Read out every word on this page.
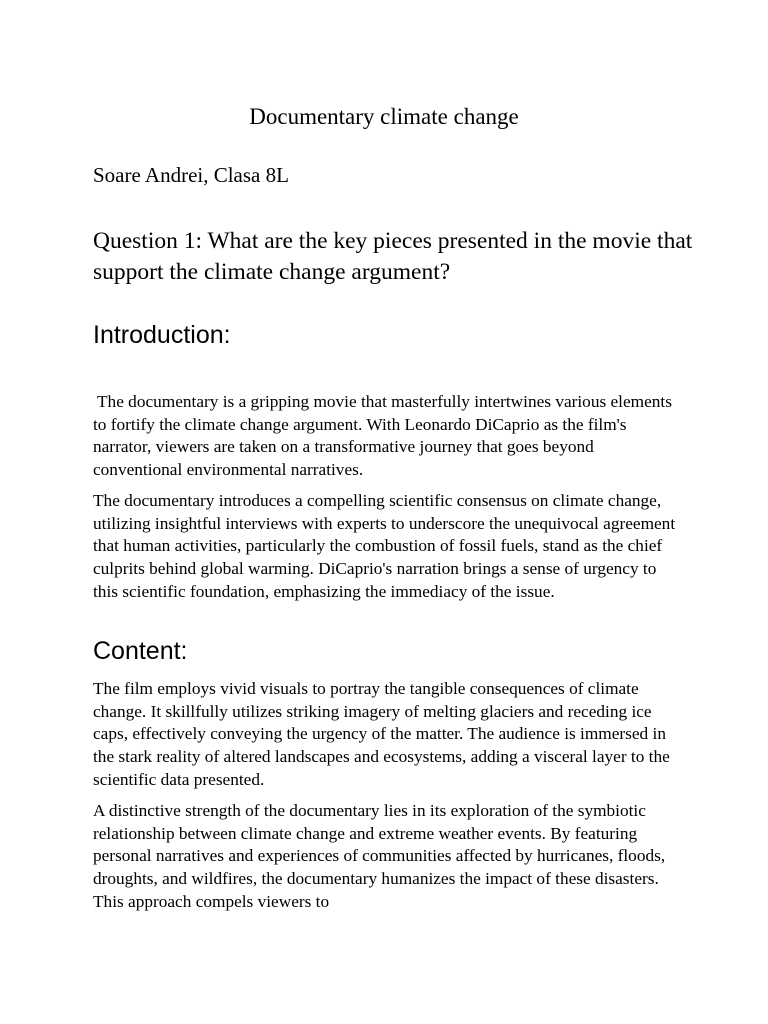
Documentary climate change

Soare Andrei, Clasa 8L

Question 1: What are the key pieces presented in the movie that support the climate change argument?

Introduction:

The documentary is a gripping movie that masterfully intertwines various elements to fortify the climate change argument. With Leonardo DiCaprio as the film's narrator, viewers are taken on a transformative journey that goes beyond conventional environmental narratives.

The documentary introduces a compelling scientific consensus on climate change, utilizing insightful interviews with experts to underscore the unequivocal agreement that human activities, particularly the combustion of fossil fuels, stand as the chief culprits behind global warming. DiCaprio's narration brings a sense of urgency to this scientific foundation, emphasizing the immediacy of the issue.

Content:

The film employs vivid visuals to portray the tangible consequences of climate change. It skillfully utilizes striking imagery of melting glaciers and receding ice caps, effectively conveying the urgency of the matter. The audience is immersed in the stark reality of altered landscapes and ecosystems, adding a visceral layer to the scientific data presented.

A distinctive strength of the documentary lies in its exploration of the symbiotic relationship between climate change and extreme weather events. By featuring personal narratives and experiences of communities affected by hurricanes, floods, droughts, and wildfires, the documentary humanizes the impact of these disasters. This approach compels viewers to
